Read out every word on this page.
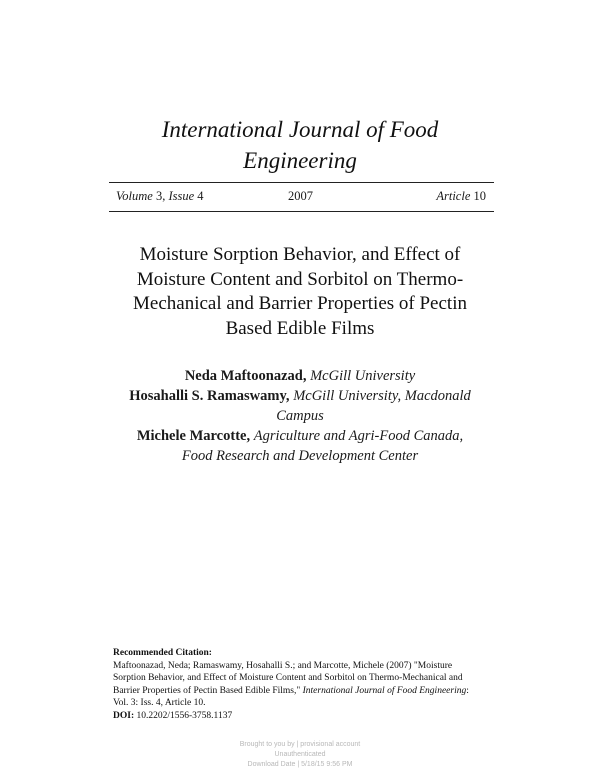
International Journal of Food
Engineering
Volume 3, Issue 4	2007	Article 10
Moisture Sorption Behavior, and Effect of
Moisture Content and Sorbitol on Thermo-
Mechanical and Barrier Properties of Pectin
Based Edible Films
Neda Maftoonazad, McGill University
Hosahalli S. Ramaswamy, McGill University, Macdonald
Campus
Michele Marcotte, Agriculture and Agri-Food Canada,
Food Research and Development Center
Recommended Citation:
Maftoonazad, Neda; Ramaswamy, Hosahalli S.; and Marcotte, Michele (2007) "Moisture
Sorption Behavior, and Effect of Moisture Content and Sorbitol on Thermo-Mechanical and
Barrier Properties of Pectin Based Edible Films," International Journal of Food Engineering:
Vol. 3: Iss. 4, Article 10.
DOI: 10.2202/1556-3758.1137
Brought to you by | provisional account
Unauthenticated
Download Date | 5/18/15 9:56 PM
